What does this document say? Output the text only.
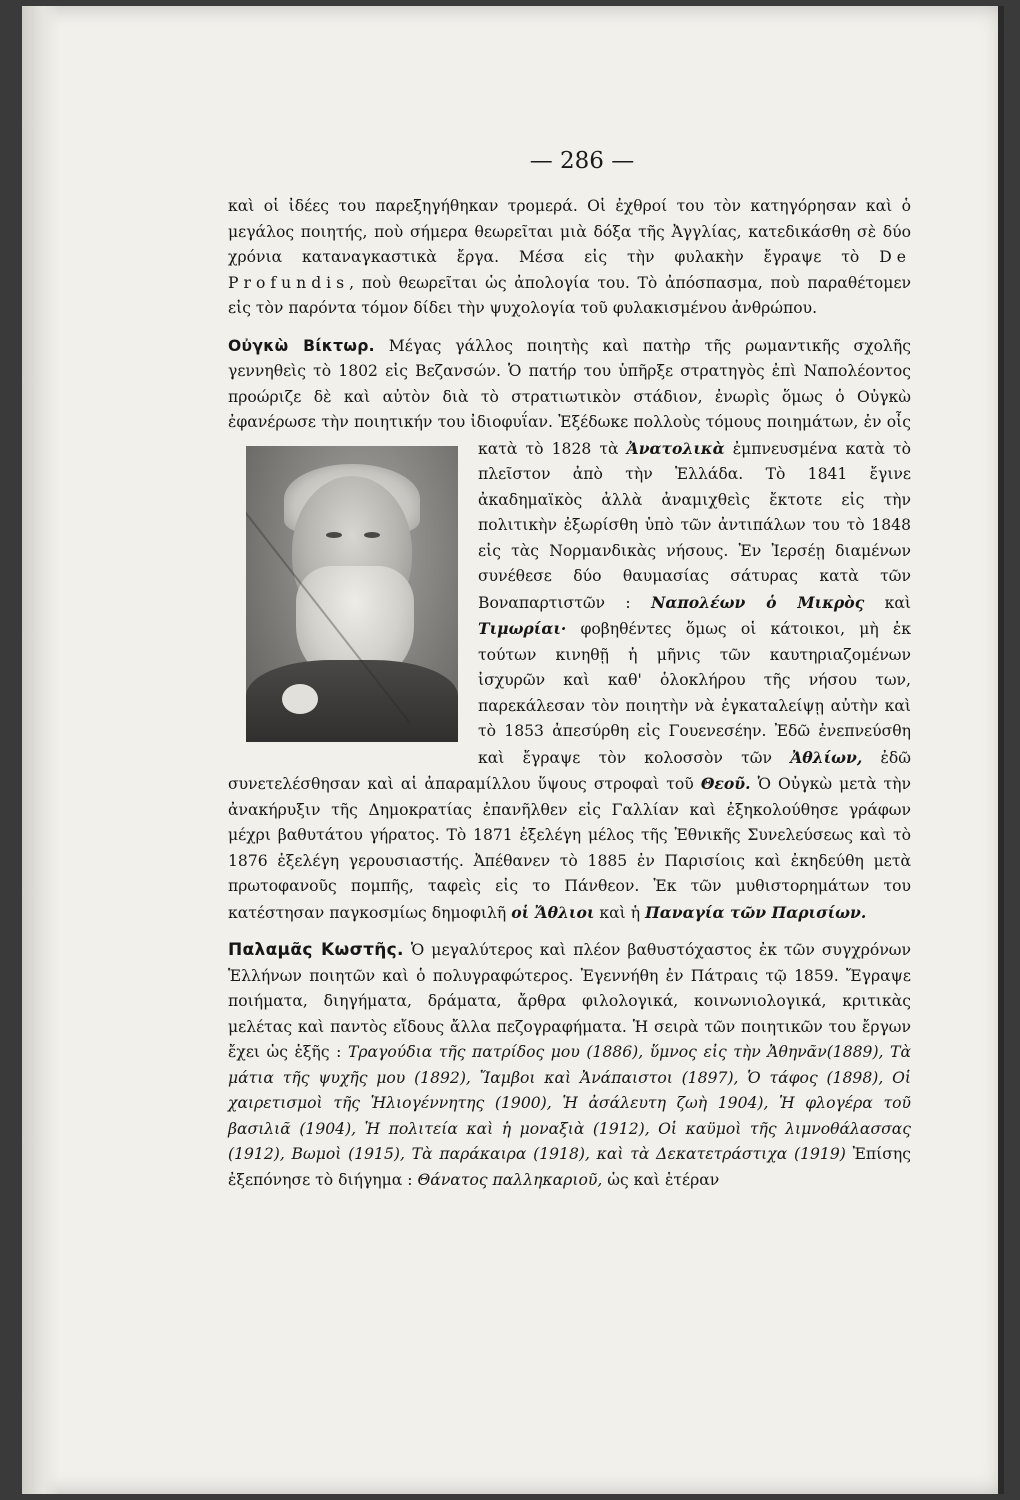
— 286 —

καὶ οἱ ἰδέες του παρεξηγήθηκαν τρομερά. Οἱ ἐχθροί του τὸν κατηγόρησαν καὶ ὁ μεγάλος ποιητής, ποὺ σήμερα θεωρεῖται μιὰ δόξα τῆς Ἀγγλίας, κατεδικάσθη σὲ δύο χρόνια καταναγκαστικὰ ἔργα. Μέσα εἰς τὴν φυλακὴν ἔγραψε τὸ De Profundis, ποὺ θεωρεῖται ὡς ἀπολογία του. Τὸ ἀπόσπασμα, ποὺ παραθέτομεν εἰς τὸν παρόντα τόμον δίδει τὴν ψυχολογία τοῦ φυλακισμένου ἀνθρώπου.

Οὐγκὼ Βίκτωρ. Μέγας γάλλος ποιητὴς καὶ πατὴρ τῆς ρωμαντικῆς σχολῆς γεννηθεὶς τὸ 1802 εἰς Βεζανσών. Ὁ πατήρ του ὑπῆρξε στρατηγὸς ἐπὶ Ναπολέοντος προώριζε δὲ καὶ αὐτὸν διὰ τὸ στρατιωτικὸν στάδιον, ἐνωρὶς ὅμως ὁ Οὐγκὼ ἐφανέρωσε τὴν ποιητικήν του ἰδιοφυΐαν. Ἐξέδωκε πολλοὺς τόμους ποιημάτων, ἐν οἷς κατὰ τὸ 1828 τὰ Ἀνατολικὰ ἐμπνευσμένα κατὰ τὸ πλεῖστον ἀπὸ τὴν Ἑλλάδα. Τὸ 1841 ἔγινε ἀκαδημαϊκὸς ἀλλὰ ἀναμιχθεὶς ἔκτοτε εἰς τὴν πολιτικὴν ἐξωρίσθη ὑπὸ τῶν ἀντιπάλων του τὸ 1848 εἰς τὰς Νορμανδικὰς νήσους. Ἐν Ἰερσέῃ διαμένων συνέθεσε δύο θαυμασίας σάτυρας κατὰ τῶν Βοναπαρτιστῶν : Ναπολέων ὁ Μικρὸς καὶ Τιμωρίαι· φοβηθέντες ὅμως οἱ κάτοικοι, μὴ ἐκ τούτων κινηθῇ ἡ μῆνις τῶν καυτηριαζομένων ἰσχυρῶν καὶ καθ' ὁλοκλήρου τῆς νήσου των, παρεκάλεσαν τὸν ποιητὴν νὰ ἐγκαταλείψῃ αὐτὴν καὶ τὸ 1853 ἀπεσύρθη εἰς Γουενεσέην. Ἐδῶ ἐνεπνεύσθη καὶ ἔγραψε τὸν κολοσσὸν τῶν Ἀθλίων, ἐδῶ συνετελέσθησαν καὶ αἱ ἀπαραμίλλου ὕψους στροφαὶ τοῦ Θεοῦ. Ὁ Οὐγκὼ μετὰ τὴν ἀνακήρυξιν τῆς Δημοκρατίας ἐπανῆλθεν εἰς Γαλλίαν καὶ ἐξηκολούθησε γράφων μέχρι βαθυτάτου γήρατος. Τὸ 1871 ἐξελέγη μέλος τῆς Ἐθνικῆς Συνελεύσεως καὶ τὸ 1876 ἐξελέγη γερουσιαστής. Ἀπέθανεν τὸ 1885 ἐν Παρισίοις καὶ ἐκηδεύθη μετὰ πρωτοφανοῦς πομπῆς, ταφεὶς εἰς το Πάνθεον. Ἐκ τῶν μυθιστορημάτων του κατέστησαν παγκοσμίως δημοφιλῆ οἱ Ἄθλιοι καὶ ἡ Παναγία τῶν Παρισίων.

Παλαμᾶς Κωστῆς. Ὁ μεγαλύτερος καὶ πλέον βαθυστόχαστος ἐκ τῶν συγχρόνων Ἑλλήνων ποιητῶν καὶ ὁ πολυγραφώτερος. Ἐγεννήθη ἐν Πάτραις τῷ 1859. Ἔγραψε ποιήματα, διηγήματα, δράματα, ἄρθρα φιλολογικά, κοινωνιολογικά, κριτικὰς μελέτας καὶ παντὸς εἴδους ἄλλα πεζογραφήματα. Ἡ σειρὰ τῶν ποιητικῶν του ἔργων ἔχει ὡς ἑξῆς : Τραγούδια τῆς πατρίδος μου (1886), ὕμνος εἰς τὴν Ἀθηνᾶν(1889), Τὰ μάτια τῆς ψυχῆς μου (1892), Ἴαμβοι καὶ Ἀνάπαιστοι (1897), Ὁ τάφος (1898), Οἱ χαιρετισμοὶ τῆς Ἡλιογέννητης (1900), Ἡ ἀσάλευτη ζωὴ 1904), Ἡ φλογέρα τοῦ βασιλιᾶ (1904), Ἡ πολιτεία καὶ ἡ μοναξιὰ (1912), Οἱ καϋμοὶ τῆς λιμνοθάλασσας (1912), Βωμοὶ (1915), Τὰ παράκαιρα (1918), καὶ τὰ Δεκατετράστιχα (1919) Ἐπίσης ἐξεπόνησε τὸ διήγημα : Θάνατος παλληκαριοῦ, ὡς καὶ ἑτέραν
